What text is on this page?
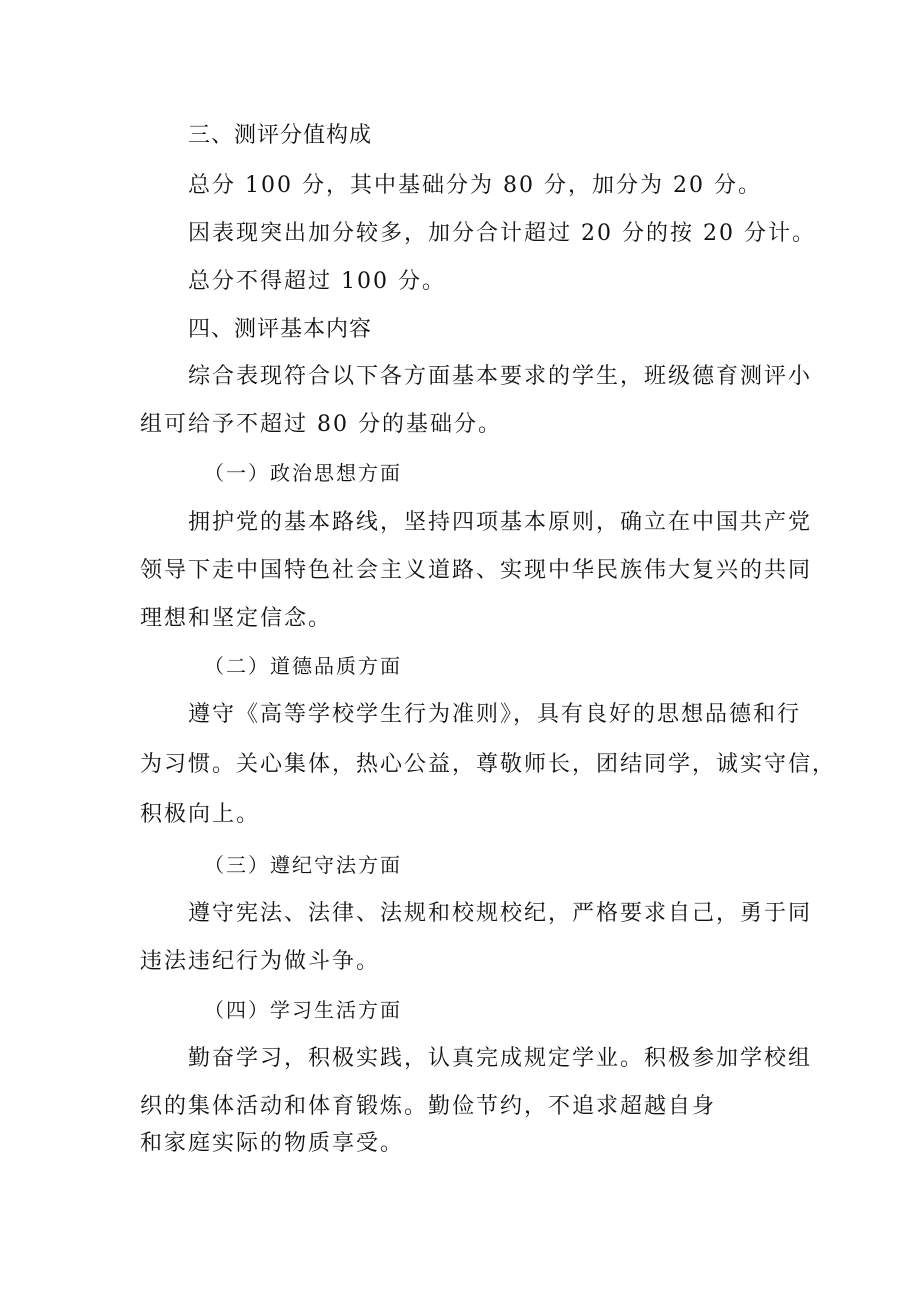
三、测评分值构成
总分 100 分，其中基础分为 80 分，加分为 20 分。
因表现突出加分较多，加分合计超过 20 分的按 20 分计。
总分不得超过 100 分。
四、测评基本内容
综合表现符合以下各方面基本要求的学生，班级德育测评小
组可给予不超过 80 分的基础分。
（一）政治思想方面
拥护党的基本路线，坚持四项基本原则，确立在中国共产党
领导下走中国特色社会主义道路、实现中华民族伟大复兴的共同
理想和坚定信念。
（二）道德品质方面
遵守《高等学校学生行为准则》，具有良好的思想品德和行
为习惯。关心集体，热心公益，尊敬师长，团结同学，诚实守信，
积极向上。
（三）遵纪守法方面
遵守宪法、法律、法规和校规校纪，严格要求自己，勇于同
违法违纪行为做斗争。
（四）学习生活方面
勤奋学习，积极实践，认真完成规定学业。积极参加学校组
织的集体活动和体育锻炼。勤俭节约，不追求超越自身
和家庭实际的物质享受。
